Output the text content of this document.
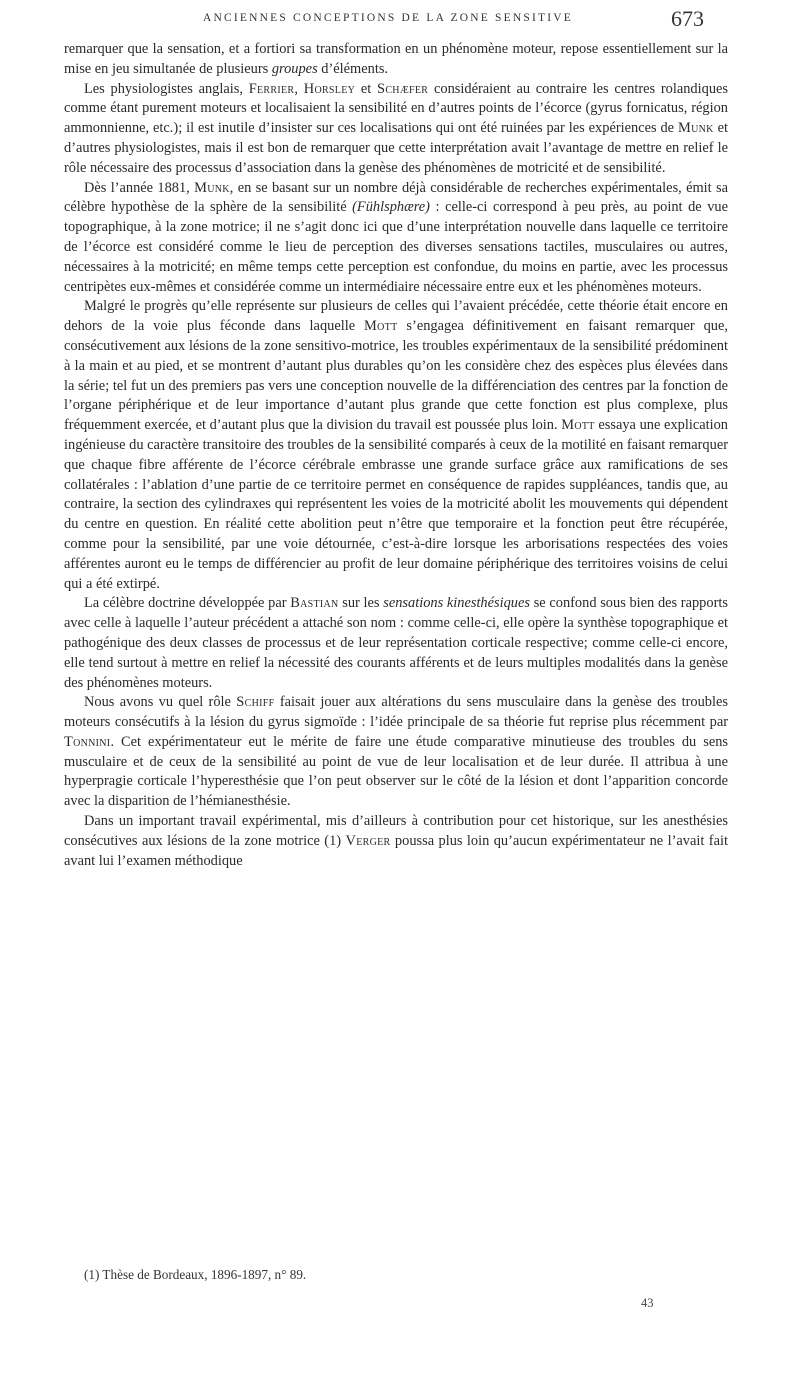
ANCIENNES CONCEPTIONS DE LA ZONE SENSITIVE	673

remarquer que la sensation, et a fortiori sa transformation en un phénomène moteur, repose essentiellement sur la mise en jeu simultanée de plusieurs groupes d’éléments.

Les physiologistes anglais, Ferrier, Horsley et Schæfer considéraient au contraire les centres rolandiques comme étant purement moteurs et localisaient la sensibilité en d’autres points de l’écorce (gyrus fornicatus, région ammonnienne, etc.); il est inutile d’insister sur ces localisations qui ont été ruinées par les expériences de Munk et d’autres physiologistes, mais il est bon de remarquer que cette interprétation avait l’avantage de mettre en relief le rôle nécessaire des processus d’association dans la genèse des phénomènes de motricité et de sensibilité.

Dès l’année 1881, Munk, en se basant sur un nombre déjà considérable de recherches expérimentales, émit sa célèbre hypothèse de la sphère de la sensibilité (Fühlsphære) : celle-ci correspond à peu près, au point de vue topographique, à la zone motrice; il ne s’agit donc ici que d’une interprétation nouvelle dans laquelle ce territoire de l’écorce est considéré comme le lieu de perception des diverses sensations tactiles, musculaires ou autres, nécessaires à la motricité; en même temps cette perception est confondue, du moins en partie, avec les processus centripètes eux-mêmes et considérée comme un intermédiaire nécessaire entre eux et les phénomènes moteurs.

Malgré le progrès qu’elle représente sur plusieurs de celles qui l’avaient précédée, cette théorie était encore en dehors de la voie plus féconde dans laquelle Mott s’engagea définitivement en faisant remarquer que, consécutivement aux lésions de la zone sensitivo-motrice, les troubles expérimentaux de la sensibilité prédominent à la main et au pied, et se montrent d’autant plus durables qu’on les considère chez des espèces plus élevées dans la série; tel fut un des premiers pas vers une conception nouvelle de la différenciation des centres par la fonction de l’organe périphérique et de leur importance d’autant plus grande que cette fonction est plus complexe, plus fréquemment exercée, et d’autant plus que la division du travail est poussée plus loin. Mott essaya une explication ingénieuse du caractère transitoire des troubles de la sensibilité comparés à ceux de la motilité en faisant remarquer que chaque fibre afférente de l’écorce cérébrale embrasse une grande surface grâce aux ramifications de ses collatérales : l’ablation d’une partie de ce territoire permet en conséquence de rapides suppléances, tandis que, au contraire, la section des cylindraxes qui représentent les voies de la motricité abolit les mouvements qui dépendent du centre en question. En réalité cette abolition peut n’être que temporaire et la fonction peut être récupérée, comme pour la sensibilité, par une voie détournée, c’est-à-dire lorsque les arborisations respectées des voies afférentes auront eu le temps de différencier au profit de leur domaine périphérique des territoires voisins de celui qui a été extirpé.

La célèbre doctrine développée par Bastian sur les sensations kinesthésiques se confond sous bien des rapports avec celle à laquelle l’auteur précédent a attaché son nom : comme celle-ci, elle opère la synthèse topographique et pathogénique des deux classes de processus et de leur représentation corticale respective; comme celle-ci encore, elle tend surtout à mettre en relief la nécessité des courants afférents et de leurs multiples modalités dans la genèse des phénomènes moteurs.

Nous avons vu quel rôle Schiff faisait jouer aux altérations du sens musculaire dans la genèse des troubles moteurs consécutifs à la lésion du gyrus sigmoïde : l’idée principale de sa théorie fut reprise plus récemment par Tonnini. Cet expérimentateur eut le mérite de faire une étude comparative minutieuse des troubles du sens musculaire et de ceux de la sensibilité au point de vue de leur localisation et de leur durée. Il attribua à une hyperpragie corticale l’hyperesthésie que l’on peut observer sur le côté de la lésion et dont l’apparition concorde avec la disparition de l’hémianesthésie.

Dans un important travail expérimental, mis d’ailleurs à contribution pour cet historique, sur les anesthésies consécutives aux lésions de la zone motrice (1) Verger poussa plus loin qu’aucun expérimentateur ne l’avait fait avant lui l’examen méthodique

(1) Thèse de Bordeaux, 1896-1897, n° 89.
43
